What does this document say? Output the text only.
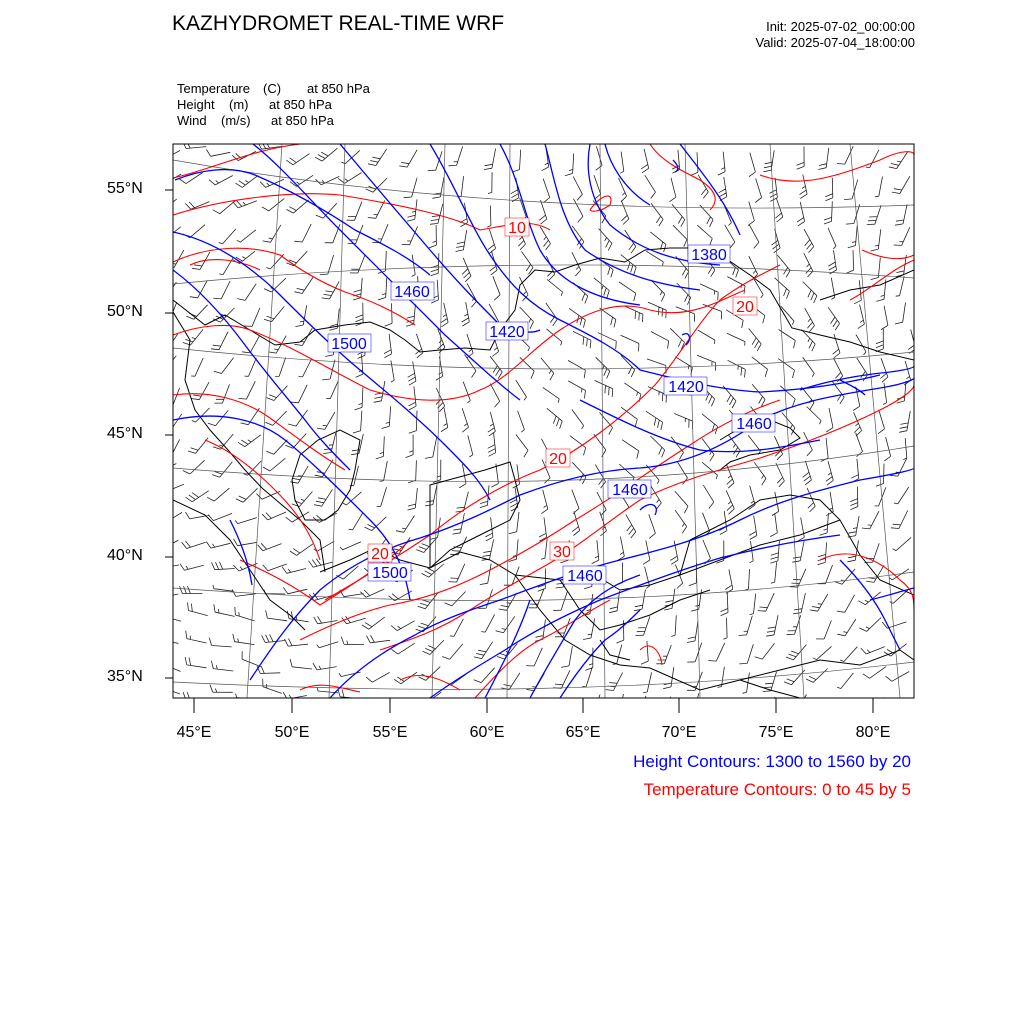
1380
1460
1420
1500
1420
1460
1460
1500	1460
10
20
20
20	30
KAZHYDROMET REAL-TIME WRF	Init: 2025-07-02_00:00:00
Valid: 2025-07-04_18:00:00
Temperature (C) at 850 hPa
Height (m) at 850 hPa
Wind (m/s) at 850 hPa
55°N
50°N
45°N
40°N
35°N
45°E	50°E	55°E	60°E	65°E	70°E	75°E	80°E
Height Contours: 1300 to 1560 by 20
Temperature Contours: 0 to 45 by 5
